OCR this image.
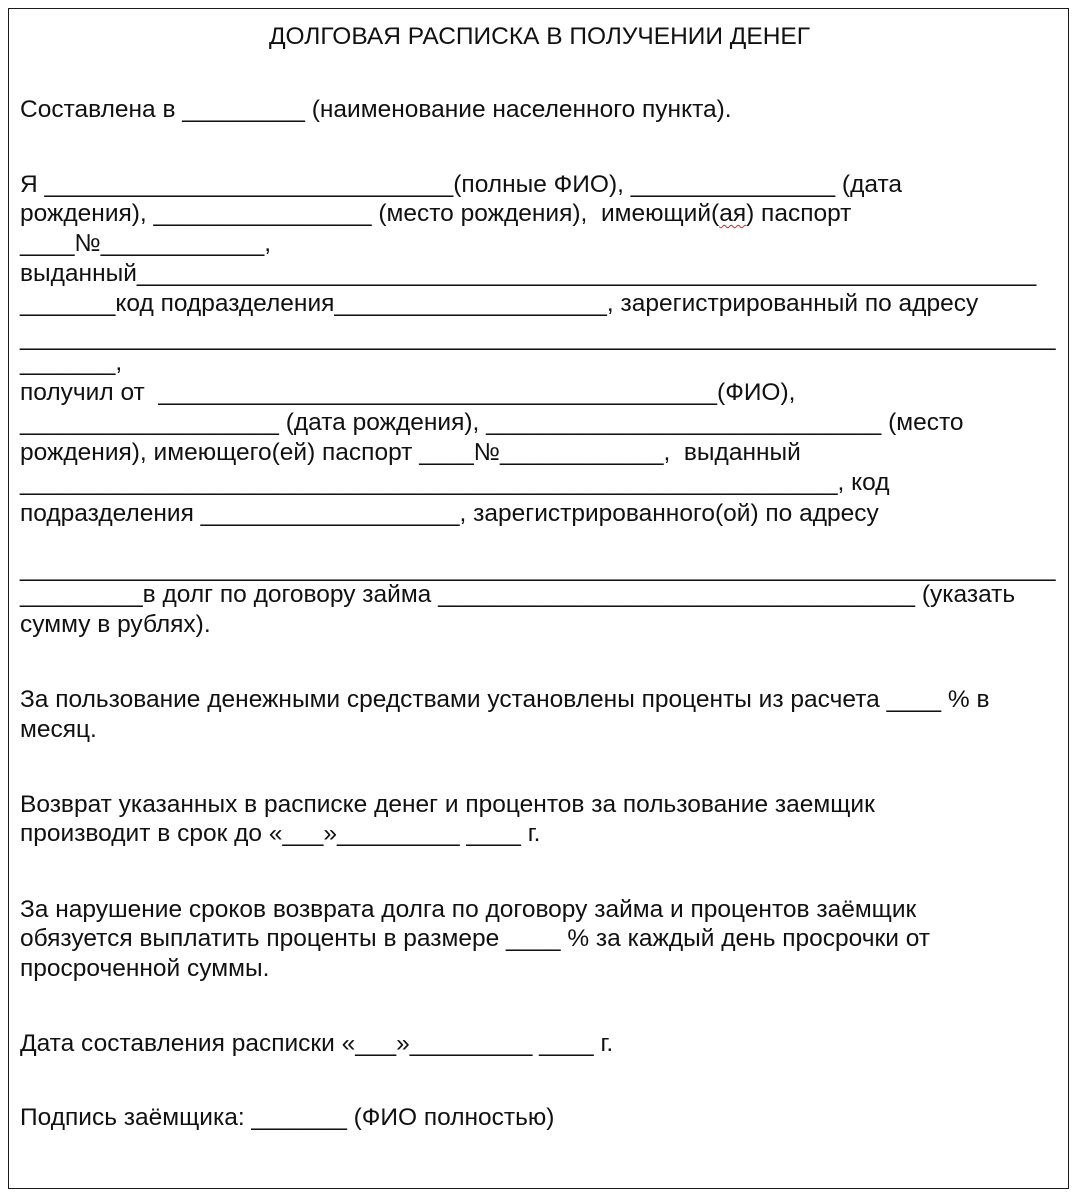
ДОЛГОВАЯ РАСПИСКА В ПОЛУЧЕНИИ ДЕНЕГ

Составлена в _________ (наименование населенного пункта).

Я ______________________________(полные ФИО), _______________ (дата

рождения), ________________ (место рождения),  имеющий(ая) паспорт

____№____________,

выданный__________________________________________________________________

_______код подразделения____________________, зарегистрированный по адресу

____________________________________________________________________________

_______,

получил от  _________________________________________(ФИО),

___________________ (дата рождения), _____________________________ (место

рождения), имеющего(ей) паспорт ____№____________,  выданный

____________________________________________________________, код

подразделения ___________________, зарегистрированного(ой) по адресу

____________________________________________________________________________

_________в долг по договору займа ___________________________________ (указать

сумму в рублях).

За пользование денежными средствами установлены проценты из расчета ____ % в

месяц.

Возврат указанных в расписке денег и процентов за пользование заемщик

производит в срок до «___»_________ ____ г.

За нарушение сроков возврата долга по договору займа и процентов заёмщик

обязуется выплатить проценты в размере ____ % за каждый день просрочки от

просроченной суммы.

Дата составления расписки «___»_________ ____ г.

Подпись заёмщика: _______ (ФИО полностью)
